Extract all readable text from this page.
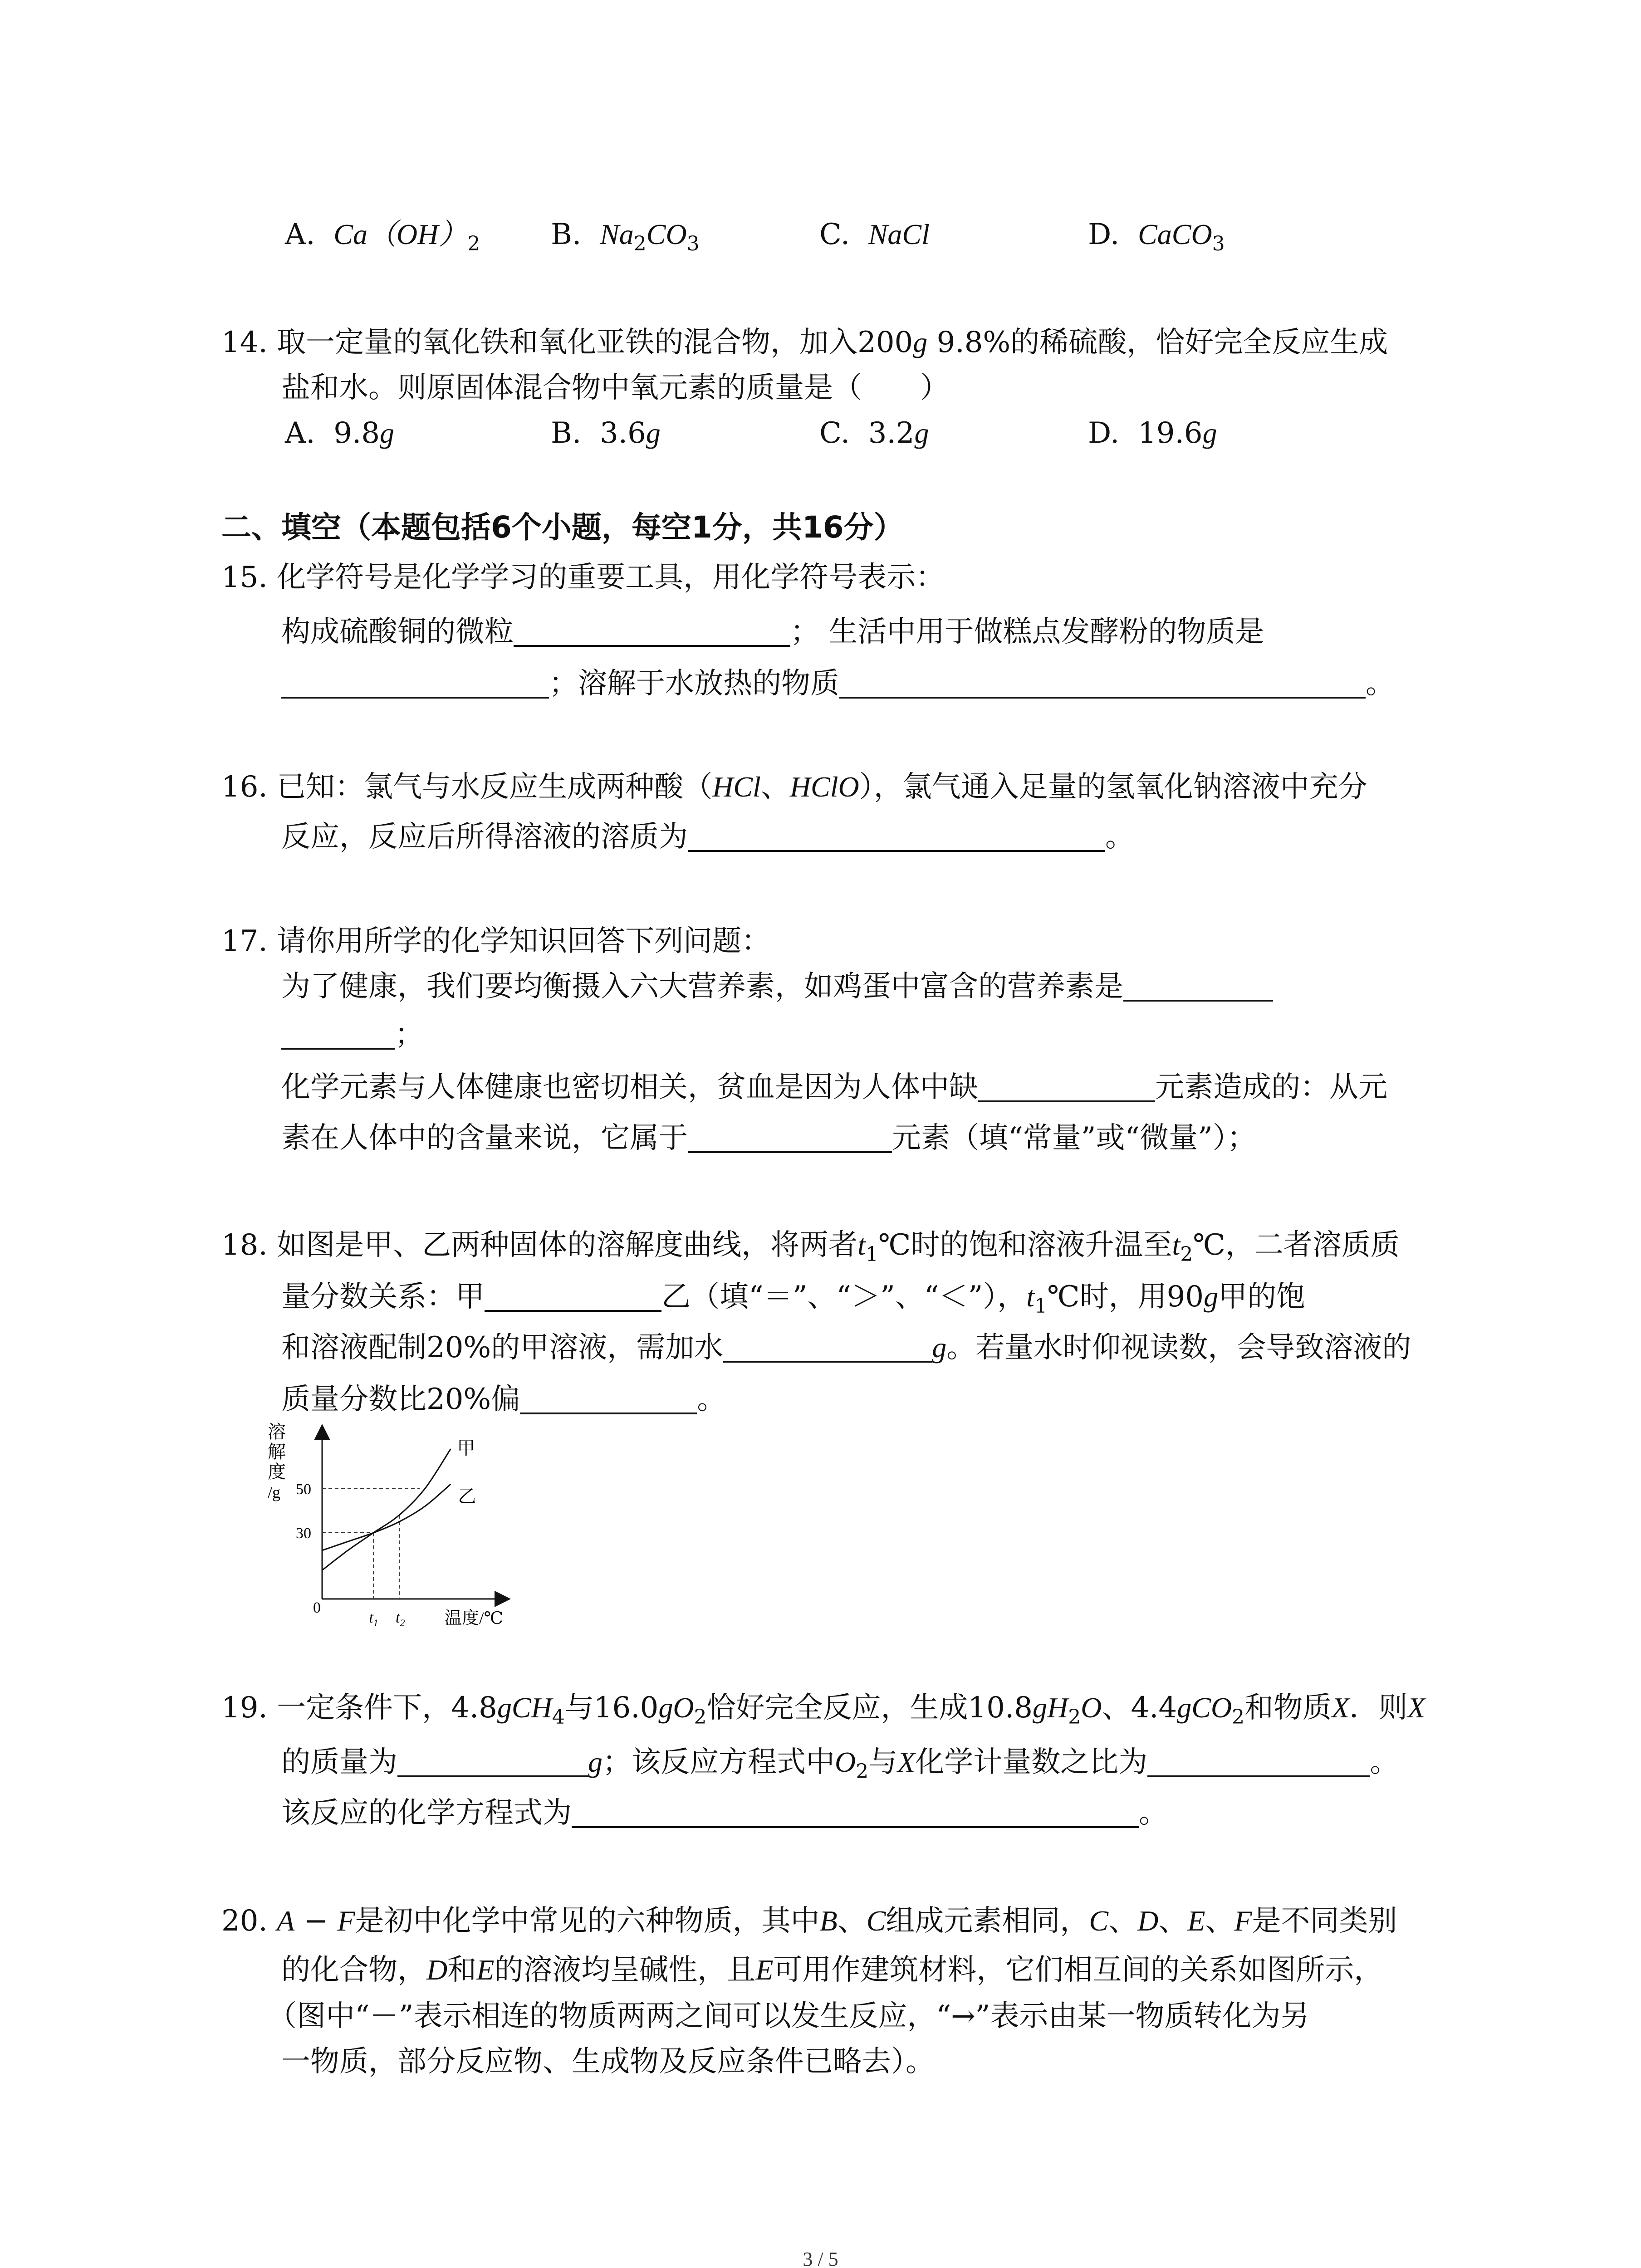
A. $Ca(OH)_2$ B. $Na_2CO_3$	C. NaCl	D. CaCO$_3$
14. 取一定量的氧化铁和氧化亚铁的混合物，加入200g 9.8%的稀硫酸，恰好完全反应生成
盐和水。则原固体混合物中氧元素的质量是（　　）
A. 9.8g	B. 3.6g	C. 3.2g	D. 19.6g
二、填空（本题包括6个小题，每空1分，共16分）
15. 化学符号是化学学习的重要工具，用化学符号表示：
构成硫酸铜的微粒	； 生活中用于做糕点发酵粉的物质是
；溶解于水放热的物质	。
16. 已知：氯气与水反应生成两种酸（HCl、HClO），氯气通入足量的氢氧化钠溶液中充分
反应，反应后所得溶液的溶质为	。
17. 请你用所学的化学知识回答下列问题：
为了健康，我们要均衡摄入六大营养素，如鸡蛋中富含的营养素是
；
化学元素与人体健康也密切相关，贫血是因为人体中缺	元素造成的：从元
素在人体中的含量来说，它属于	元素（填“常量”或“微量”）；
18. 如图是甲、乙两种固体的溶解度曲线，将两者$t_1℃$时的饱和溶液升温至$t_2℃$，二者溶质质
量分数关系：甲	乙（填“＝”、“＞”、“＜”），$t_1℃$时，用90g甲的饱
和溶液配制20%的甲溶液，需加水	g。若量水时仰视读数，会导致溶液的
质量分数比20%偏	。
溶
解
度
/g
0
50
30
$t_1$ $t_2$ 温度/℃
甲
乙
19. 一定条件下，4.8gCH$_4$与$16.0gO_2$恰好完全反应，生成$10.8gH_2O$、4.4gCO$_2$和物质X．则X
的质量为	g；该反应方程式中$O_2$与X化学计量数之比为	。
该反应的化学方程式为	。
20. A − F是初中化学中常见的六种物质，其中B、C组成元素相同，C、D、E、F是不同类别
的化合物，D和E的溶液均呈碱性，且E可用作建筑材料，它们相互间的关系如图所示，
（图中“－”表示相连的物质两两之间可以发生反应，“→”表示由某一物质转化为另
一物质，部分反应物、生成物及反应条件已略去）。
3 / 5
